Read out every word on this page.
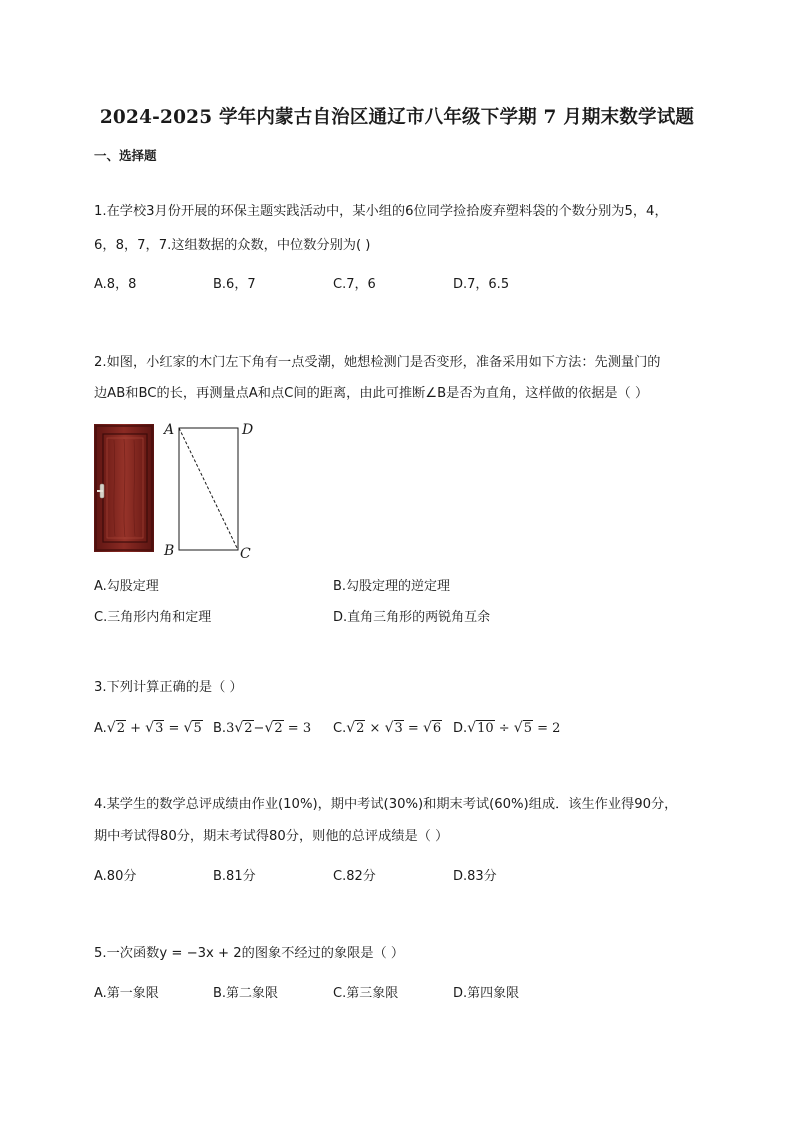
2024-2025 学年内蒙古自治区通辽市八年级下学期 7 月期末数学试题
一、选择题
1.在学校3月份开展的环保主题实践活动中，某小组的6位同学捡拾废弃塑料袋的个数分别为5，4，
6，8，7，7.这组数据的众数，中位数分别为( )
A.8，8	B.6，7	C.7，6	D.7，6.5
2.如图，小红家的木门左下角有一点受潮，她想检测门是否变形，准备采用如下方法：先测量门的
边AB和BC的长，再测量点A和点C间的距离，由此可推断∠B是否为直角，这样做的依据是（ ）
A	D
B	C
A.勾股定理	B.勾股定理的逆定理
C.三角形内角和定理	D.直角三角形的两锐角互余
3.下列计算正确的是（ ）
A.√2 + √3 = √5 B.3√2−√2 = 3 C.√2 × √3 = √6 D.√10 ÷ √5 = 2
4.某学生的数学总评成绩由作业(10%)，期中考试(30%)和期末考试(60%)组成．该生作业得90分，
期中考试得80分，期末考试得80分，则他的总评成绩是（ ）
A.80分	B.81分	C.82分	D.83分
5.一次函数y = −3x + 2的图象不经过的象限是（ ）
A.第一象限	B.第二象限	C.第三象限	D.第四象限
